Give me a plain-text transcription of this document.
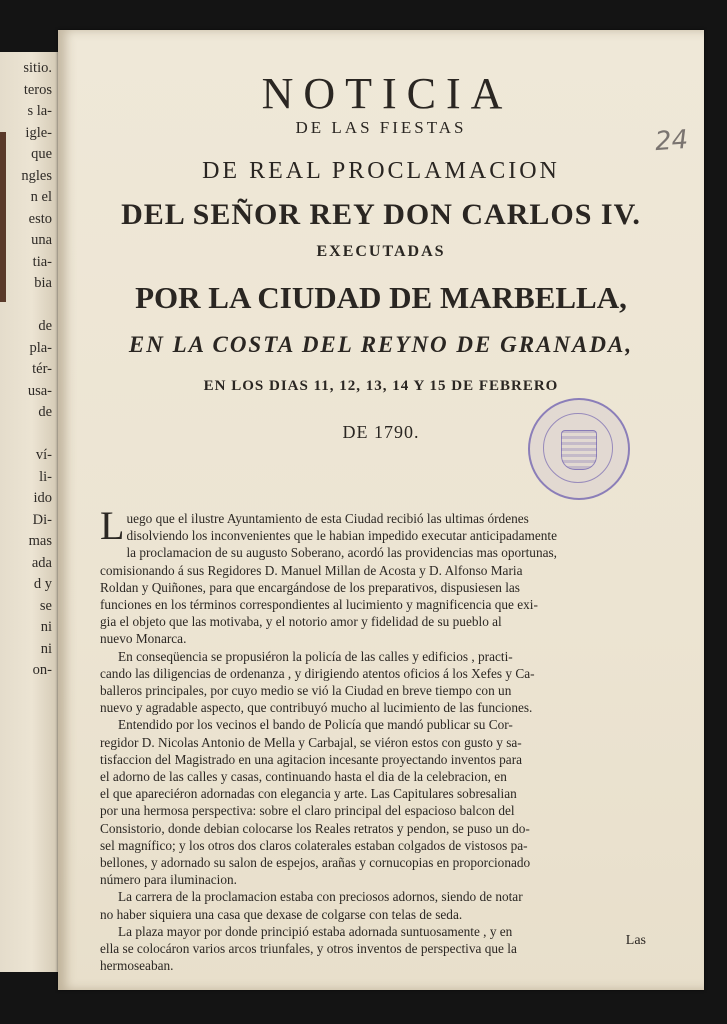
sitio.
teros
s la-
igle-
que
ngles
n el
esto
una
tia-
bia
de
pla-
tér-
usa-
de
ví-
li-
ido
Di-
mas
ada
d y
se
ni
ni
on-
24
NOTICIA
DE LAS FIESTAS
DE REAL PROCLAMACION
DEL SEÑOR REY DON CARLOS IV.
EXECUTADAS
POR LA CIUDAD DE MARBELLA,
EN LA COSTA DEL REYNO DE GRANADA,
EN LOS DIAS 11, 12, 13, 14 Y 15 DE FEBRERO
DE 1790.
L uego que el ilustre Ayuntamiento de esta Ciudad recibió las ultimas órdenes
disolviendo los inconvenientes que le habian impedido executar anticipadamente
la proclamacion de su augusto Soberano, acordó las providencias mas oportunas,
comisionando á sus Regidores D. Manuel Millan de Acosta y D. Alfonso Maria
Roldan y Quiñones, para que encargándose de los preparativos, dispusiesen las
funciones en los términos correspondientes al lucimiento y magnificencia que exi-
gia el objeto que las motivaba, y el notorio amor y fidelidad de su pueblo al
nuevo Monarca.
En conseqüencia se propusiéron la policía de las calles y edificios , practi-
cando las diligencias de ordenanza , y dirigiendo atentos oficios á los Xefes y Ca-
balleros principales, por cuyo medio se vió la Ciudad en breve tiempo con un
nuevo y agradable aspecto, que contribuyó mucho al lucimiento de las funciones.
Entendido por los vecinos el bando de Policía que mandó publicar su Cor-
regidor D. Nicolas Antonio de Mella y Carbajal, se viéron estos con gusto y sa-
tisfaccion del Magistrado en una agitacion incesante proyectando inventos para
el adorno de las calles y casas, continuando hasta el dia de la celebracion, en
el que apareciéron adornadas con elegancia y arte. Las Capitulares sobresalian
por una hermosa perspectiva: sobre el claro principal del espacioso balcon del
Consistorio, donde debian colocarse los Reales retratos y pendon, se puso un do-
sel magnífico; y los otros dos claros colaterales estaban colgados de vistosos pa-
bellones, y adornado su salon de espejos, arañas y cornucopias en proporcionado
número para iluminacion.
La carrera de la proclamacion estaba con preciosos adornos, siendo de notar
no haber siquiera una casa que dexase de colgarse con telas de seda.
La plaza mayor por donde principió estaba adornada suntuosamente , y en
ella se colocáron varios arcos triunfales, y otros inventos de perspectiva que la
hermoseaban.
Las
